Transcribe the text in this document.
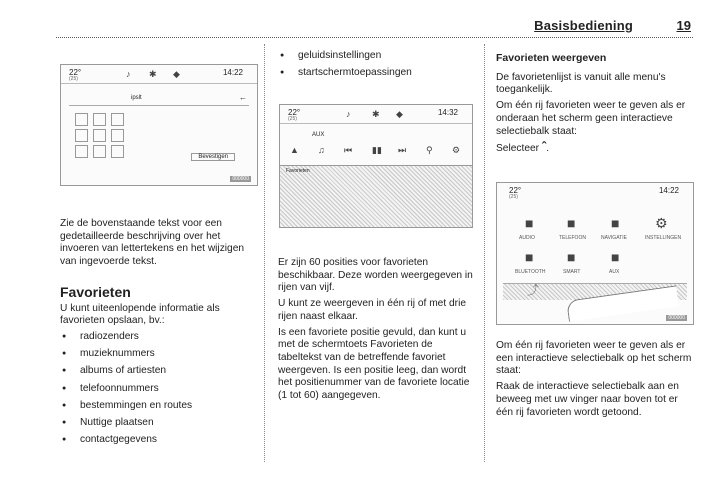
Basisbediening	19
22°
(25)	♪ ✱ ◆	14:22
ipslt	←
Bevestigen
000000

Zie de bovenstaande tekst voor een gedetailleerde beschrijving over het invoeren van lettertekens en het wijzigen van ingevoerde tekst.

Favorieten

U kunt uiteenlopende informatie als favorieten opslaan, bv.:

● radiozenders
● muzieknummers
● albums of artiesten
● telefoonnummers
● bestemmingen en routes
● Nuttige plaatsen
● contactgegevens
● geluidsinstellingen
● startschermtoepassingen
22°
(25)	♪ ✱ ◆	14:32
AUX
▲ ♫ ⏮ ▮▮ ⏭ ⚲ ⚙
Favorieten

Er zijn 60 posities voor favorieten beschikbaar. Deze worden weergegeven in rijen van vijf.

U kunt ze weergeven in één rij of met drie rijen naast elkaar.

Is een favoriete positie gevuld, dan kunt u met de schermtoets Favorieten de tabeltekst van de betreffende favoriet weergeven. Is een positie leeg, dan wordt het positienummer van de favoriete locatie (1 tot 60) aangegeven.

Favorieten weergeven

De favorietenlijst is vanuit alle menu's toegankelijk.

Om één rij favorieten weer te geven als er onderaan het scherm geen interactieve selectiebalk staat:

Selecteer ˆ.

22°
(25)
14:22
■
AUDIO
■
TELEFOON
■
NAVIGATIE
⚙
INSTELLINGEN
■
BLUETOOTH
■
SMART
■
AUX
⤴
000000

Om één rij favorieten weer te geven als er een interactieve selectiebalk op het scherm staat:

Raak de interactieve selectiebalk aan en beweeg met uw vinger naar boven tot er één rij favorieten wordt getoond.
